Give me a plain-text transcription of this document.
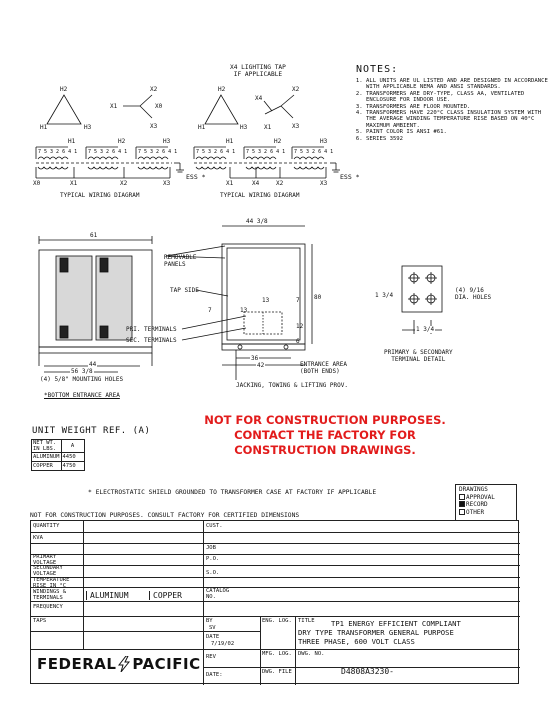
H2	X2
H1	H3
X1	X0
X3
H1	H2	H3
7 5 3 2 6 4 1 7 5 3 2 6 4 1 7 5 3 2 6 4 1
X0	X1	X2	X3
ESS *
TYPICAL WIRING DIAGRAM
X4 LIGHTING TAP
IF APPLICABLE
H2	X2
X4
H1	H3	X1	X3
H1	H2	H3
7 5 3 2 6 4 1 7 5 3 2 6 4 1 7 5 3 2 6 4 1
X1	X4	X2	X3
ESS *
TYPICAL WIRING DIAGRAM
NOTES:
1. ALL UNITS ARE UL LISTED AND ARE DESIGNED IN ACCORDANCE WITH APPLICABLE NEMA AND ANSI STANDARDS.
2. TRANSFORMERS ARE DRY-TYPE, CLASS AA, VENTILATED ENCLOSURE FOR INDOOR USE.
3. TRANSFORMERS ARE FLOOR MOUNTED.
4. TRANSFORMERS HAVE 220°C CLASS INSULATION SYSTEM WITH THE AVERAGE WINDING TEMPERATURE RISE BASED ON 40°C MAXIMUM AMBIENT.
5. PAINT COLOR IS ANSI #61.
6. SERIES 3592
61
44 3/8
REMOVABLE
PANELS
TAP SIDE
80
7
7
13
13
12
6
PRI. TERMINALS
SEC. TERMINALS
44
56 3/8
(4) 5/8" MOUNTING HOLES
*BOTTOM ENTRANCE AREA
36
42	ENTRANCE AREA
(BOTH ENDS)
JACKING, TOWING & LIFTING PROV.
1 3/4
(4) 9/16
DIA. HOLES
1 3/4
PRIMARY & SECONDARY
TERMINAL DETAIL
NOT FOR CONSTRUCTION PURPOSES.
CONTACT THE FACTORY FOR
CONSTRUCTION DRAWINGS.
UNIT WEIGHT REF. (A)
NET WT.
IN LBS.	A
ALUMINUM	4450
COPPER	4750
* ELECTROSTATIC SHIELD GROUNDED TO TRANSFORMER CASE AT FACTORY IF APPLICABLE	DRAWINGS
APPROVAL
RECORD
OTHER
NOT FOR CONSTRUCTION PURPOSES. CONSULT FACTORY FOR CERTIFIED DIMENSIONS
QUANTITY
KVA
PRIMARY
VOLTAGE
SECONDARY
VOLTAGE
TEMPERATURE
RISE IN °C
WINDINGS &
TERMINALS	ALUMINUM	COPPER
FREQUENCY
TAPS
CUST.
JOB
P.O.
S.O.
CATALOG
NO.
BY
SV
DATE
7/19/02
REV
DATE:
ENG. LOG.
MFG. LOG.
DWG. FILE
TITLE TP1 ENERGY EFFICIENT COMPLIANT
DRY TYPE TRANSFORMER GENERAL PURPOSE
THREE PHASE, 600 VOLT CLASS
DWG. NO.
D4808A3230-
FEDERAL PACIFIC
